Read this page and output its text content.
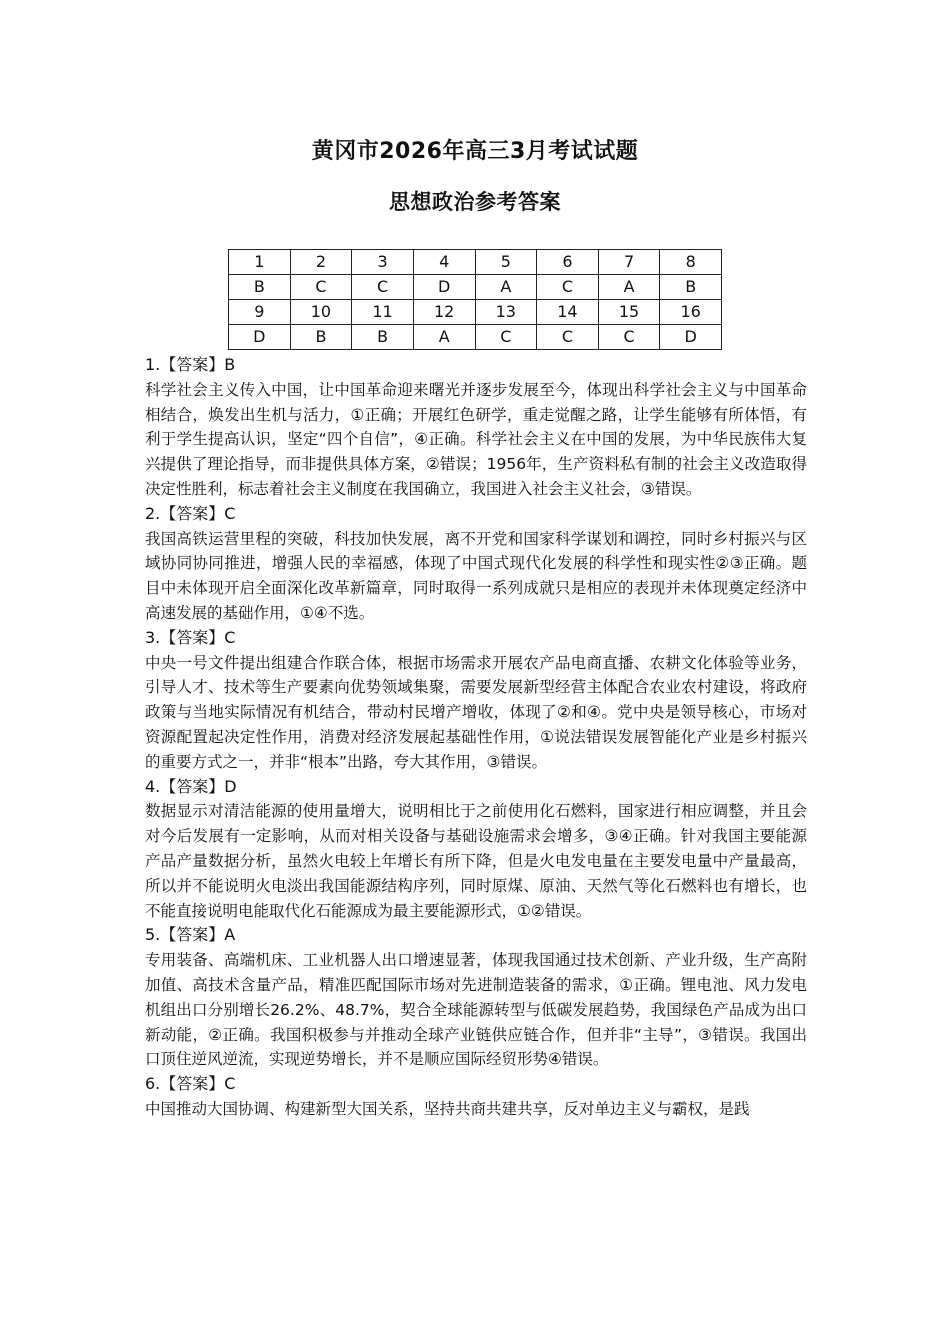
黄冈市2026年高三3月考试试题
思想政治参考答案
1	2	3	4	5	6	7	8
B	C	C	D	A	C	A	B
9	10	11	12	13	14	15	16
D	B	B	A	C	C	C	D

1.【答案】B

科学社会主义传入中国，让中国革命迎来曙光并逐步发展至今，体现出科学社会主义与中国革命相结合，焕发出生机与活力，①正确；开展红色研学，重走觉醒之路，让学生能够有所体悟，有利于学生提高认识，坚定“四个自信”，④正确。科学社会主义在中国的发展，为中华民族伟大复兴提供了理论指导，而非提供具体方案，②错误；1956年，生产资料私有制的社会主义改造取得决定性胜利，标志着社会主义制度在我国确立，我国进入社会主义社会，③错误。

2.【答案】C

我国高铁运营里程的突破，科技加快发展，离不开党和国家科学谋划和调控，同时乡村振兴与区域协同协同推进，增强人民的幸福感，体现了中国式现代化发展的科学性和现实性②③正确。题目中未体现开启全面深化改革新篇章，同时取得一系列成就只是相应的表现并未体现奠定经济中高速发展的基础作用，①④不选。

3.【答案】C

中央一号文件提出组建合作联合体，根据市场需求开展农产品电商直播、农耕文化体验等业务，引导人才、技术等生产要素向优势领域集聚，需要发展新型经营主体配合农业农村建设，将政府政策与当地实际情况有机结合，带动村民增产增收，体现了②和④。党中央是领导核心，市场对资源配置起决定性作用，消费对经济发展起基础性作用，①说法错误发展智能化产业是乡村振兴的重要方式之一，并非“根本”出路，夸大其作用，③错误。

4.【答案】D

数据显示对清洁能源的使用量增大，说明相比于之前使用化石燃料，国家进行相应调整，并且会对今后发展有一定影响，从而对相关设备与基础设施需求会增多，③④正确。针对我国主要能源产品产量数据分析，虽然火电较上年增长有所下降，但是火电发电量在主要发电量中产量最高，所以并不能说明火电淡出我国能源结构序列，同时原煤、原油、天然气等化石燃料也有增长，也不能直接说明电能取代化石能源成为最主要能源形式，①②错误。

5.【答案】A

专用装备、高端机床、工业机器人出口增速显著，体现我国通过技术创新、产业升级，生产高附加值、高技术含量产品，精准匹配国际市场对先进制造装备的需求，①正确。锂电池、风力发电机组出口分别增长26.2%、48.7%，契合全球能源转型与低碳发展趋势，我国绿色产品成为出口新动能，②正确。我国积极参与并推动全球产业链供应链合作，但并非“主导”，③错误。我国出口顶住逆风逆流，实现逆势增长，并不是顺应国际经贸形势④错误。

6.【答案】C

中国推动大国协调、构建新型大国关系，坚持共商共建共享，反对单边主义与霸权，是践
